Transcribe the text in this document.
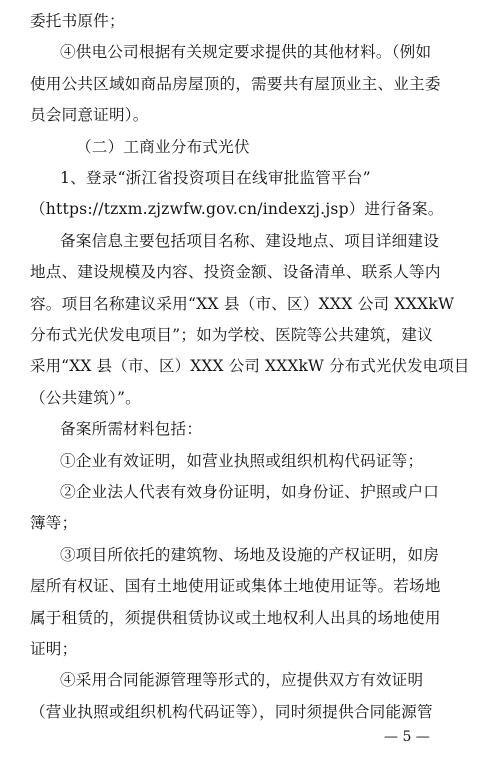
委托书原件；
④供电公司根据有关规定要求提供的其他材料。（例如
使用公共区域如商品房屋顶的，需要共有屋顶业主、业主委
员会同意证明）。
（二）工商业分布式光伏
1、登录“浙江省投资项目在线审批监管平台”
（https://tzxm.zjzwfw.gov.cn/indexzj.jsp）进行备案。
备案信息主要包括项目名称、建设地点、项目详细建设
地点、建设规模及内容、投资金额、设备清单、联系人等内
容。项目名称建议采用“XX 县（市、区）XXX 公司 XXXkW
分布式光伏发电项目”；如为学校、医院等公共建筑，建议
采用“XX 县（市、区）XXX 公司 XXXkW 分布式光伏发电项目
（公共建筑）”。
备案所需材料包括：
①企业有效证明，如营业执照或组织机构代码证等；
②企业法人代表有效身份证明，如身份证、护照或户口
簿等；
③项目所依托的建筑物、场地及设施的产权证明，如房
屋所有权证、国有土地使用证或集体土地使用证等。若场地
属于租赁的，须提供租赁协议或土地权利人出具的场地使用
证明；
④采用合同能源管理等形式的，应提供双方有效证明
（营业执照或组织机构代码证等），同时须提供合同能源管
— 5 —
